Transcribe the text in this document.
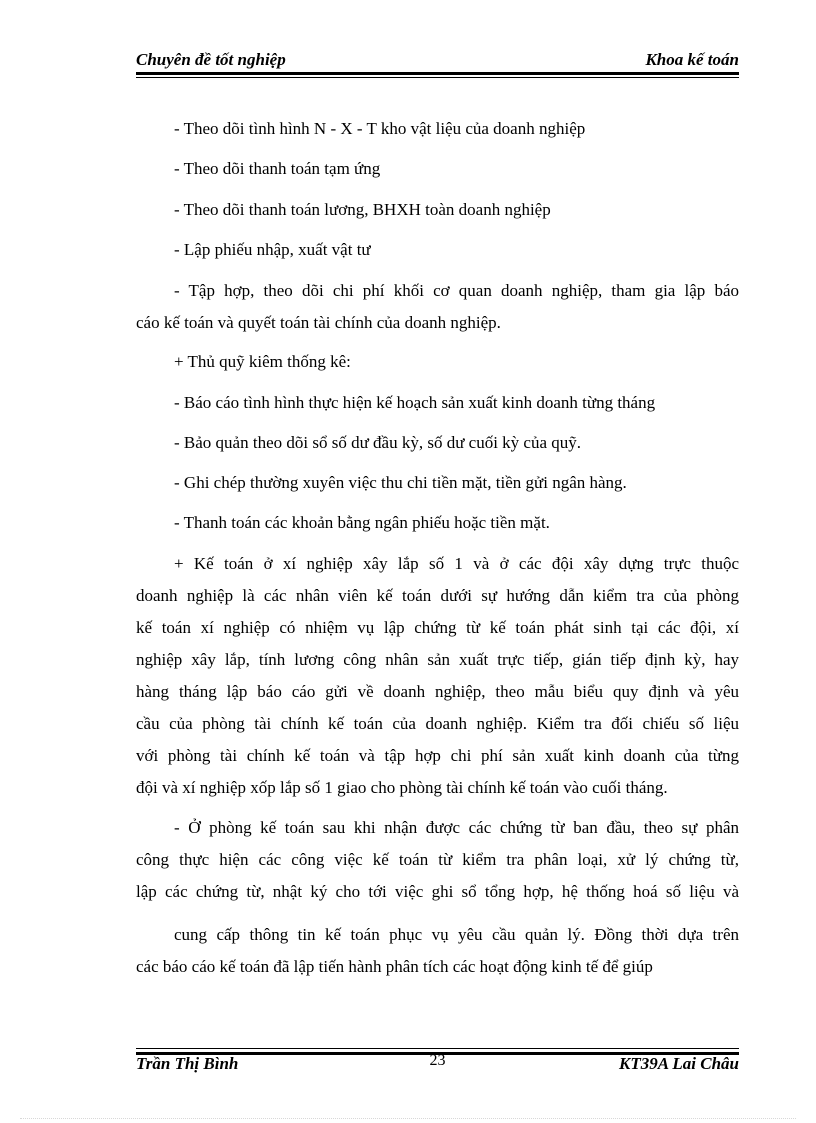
Chuyên đề tốt nghiệp	Khoa kế toán
- Theo dõi tình hình N - X - T kho vật liệu của doanh nghiệp
- Theo dõi thanh toán tạm ứng
- Theo dõi thanh toán lương, BHXH toàn doanh nghiệp
- Lập phiếu nhập, xuất vật tư
- Tập hợp, theo dõi chi phí khối cơ quan doanh nghiệp, tham gia lập báo
cáo kế toán và quyết toán tài chính của doanh nghiệp.
+ Thủ quỹ kiêm thống kê:
- Báo cáo tình hình thực hiện kế hoạch sản xuất kinh doanh từng tháng
- Bảo quản theo dõi sổ số dư đầu kỳ, số dư cuối kỳ của quỹ.
- Ghi chép thường xuyên việc thu chi tiền mặt, tiền gửi ngân hàng.
- Thanh toán các khoản bằng ngân phiếu hoặc tiền mặt.
+ Kế toán ở xí nghiệp xây lắp số 1 và ở các đội xây dựng trực thuộc
doanh nghiệp là các nhân viên kế toán dưới sự hướng dẫn kiểm tra của phòng
kế toán xí nghiệp có nhiệm vụ lập chứng từ kế toán phát sinh tại các đội, xí
nghiệp xây lắp, tính lương công nhân sản xuất trực tiếp, gián tiếp định kỳ, hay
hàng tháng lập báo cáo gửi về doanh nghiệp, theo mẫu biểu quy định và yêu
cầu của phòng tài chính kế toán của doanh nghiệp. Kiểm tra đối chiếu số liệu
với phòng tài chính kế toán và tập hợp chi phí sản xuất kinh doanh của từng
đội và xí nghiệp xốp lắp số 1 giao cho phòng tài chính kế toán vào cuối tháng.
- Ở phòng kế toán sau khi nhận được các chứng từ ban đầu, theo sự phân
công thực hiện các công việc kế toán từ kiểm tra phân loại, xử lý chứng từ,
lập các chứng từ, nhật ký cho tới việc ghi sổ tổng hợp, hệ thống hoá số liệu và
cung cấp thông tin kế toán phục vụ yêu cầu quản lý. Đồng thời dựa trên
các báo cáo kế toán đã lập tiến hành phân tích các hoạt động kinh tế để giúp
Trần Thị Bình	23	KT39A Lai Châu
